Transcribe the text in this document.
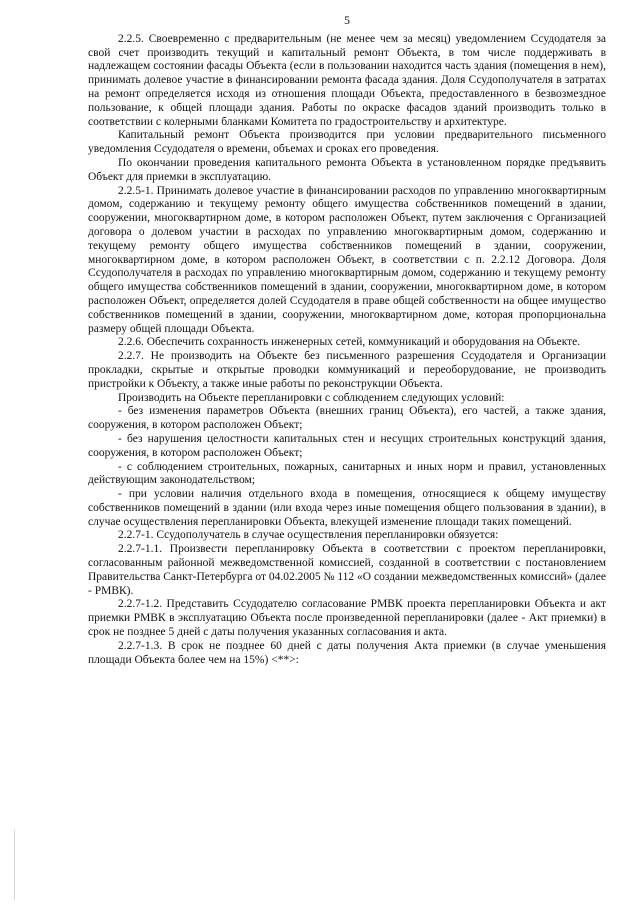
5

2.2.5. Своевременно с предварительным (не менее чем за месяц) уведомлением Ссудодателя за свой счет производить текущий и капитальный ремонт Объекта, в том числе поддерживать в надлежащем состоянии фасады Объекта (если в пользовании находится часть здания (помещения в нем), принимать долевое участие в финансировании ремонта фасада здания. Доля Ссудополучателя в затратах на ремонт определяется исходя из отношения площади Объекта, предоставленного в безвозмездное пользование, к общей площади здания. Работы по окраске фасадов зданий производить только в соответствии с колерными бланками Комитета по градостроительству и архитектуре.

Капитальный ремонт Объекта производится при условии предварительного письменного уведомления Ссудодателя о времени, объемах и сроках его проведения.

По окончании проведения капитального ремонта Объекта в установленном порядке предъявить Объект для приемки в эксплуатацию.

2.2.5-1. Принимать долевое участие в финансировании расходов по управлению многоквартирным домом, содержанию и текущему ремонту общего имущества собственников помещений в здании, сооружении, многоквартирном доме, в котором расположен Объект, путем заключения с Организацией договора о долевом участии в расходах по управлению многоквартирным домом, содержанию и текущему ремонту общего имущества собственников помещений в здании, сооружении, многоквартирном доме, в котором расположен Объект, в соответствии с п. 2.2.12 Договора. Доля Ссудополучателя в расходах по управлению многоквартирным домом, содержанию и текущему ремонту общего имущества собственников помещений в здании, сооружении, многоквартирном доме, в котором расположен Объект, определяется долей Ссудодателя в праве общей собственности на общее имущество собственников помещений в здании, сооружении, многоквартирном доме, которая пропорциональна размеру общей площади Объекта.

2.2.6. Обеспечить сохранность инженерных сетей, коммуникаций и оборудования на Объекте.

2.2.7. Не производить на Объекте без письменного разрешения Ссудодателя и Организации прокладки, скрытые и открытые проводки коммуникаций и переоборудование, не производить пристройки к Объекту, а также иные работы по реконструкции Объекта.

Производить на Объекте перепланировки с соблюдением следующих условий:

- без изменения параметров Объекта (внешних границ Объекта), его частей, а также здания, сооружения, в котором расположен Объект;

- без нарушения целостности капитальных стен и несущих строительных конструкций здания, сооружения, в котором расположен Объект;

- с соблюдением строительных, пожарных, санитарных и иных норм и правил, установленных действующим законодательством;

- при условии наличия отдельного входа в помещения, относящиеся к общему имуществу собственников помещений в здании (или входа через иные помещения общего пользования в здании), в случае осуществления перепланировки Объекта, влекущей изменение площади таких помещений.

2.2.7-1. Ссудополучатель в случае осуществления перепланировки обязуется:

2.2.7-1.1. Произвести перепланировку Объекта в соответствии с проектом перепланировки, согласованным районной межведомственной комиссией, созданной в соответствии с постановлением Правительства Санкт-Петербурга от 04.02.2005 № 112 «О создании межведомственных комиссий» (далее - РМВК).

2.2.7-1.2. Представить Ссудодателю согласование РМВК проекта перепланировки Объекта и акт приемки РМВК в эксплуатацию Объекта после произведенной перепланировки (далее - Акт приемки) в срок не позднее 5 дней с даты получения указанных согласования и акта.

2.2.7-1.3. В срок не позднее 60 дней с даты получения Акта приемки (в случае уменьшения площади Объекта более чем на 15%) <**>:
